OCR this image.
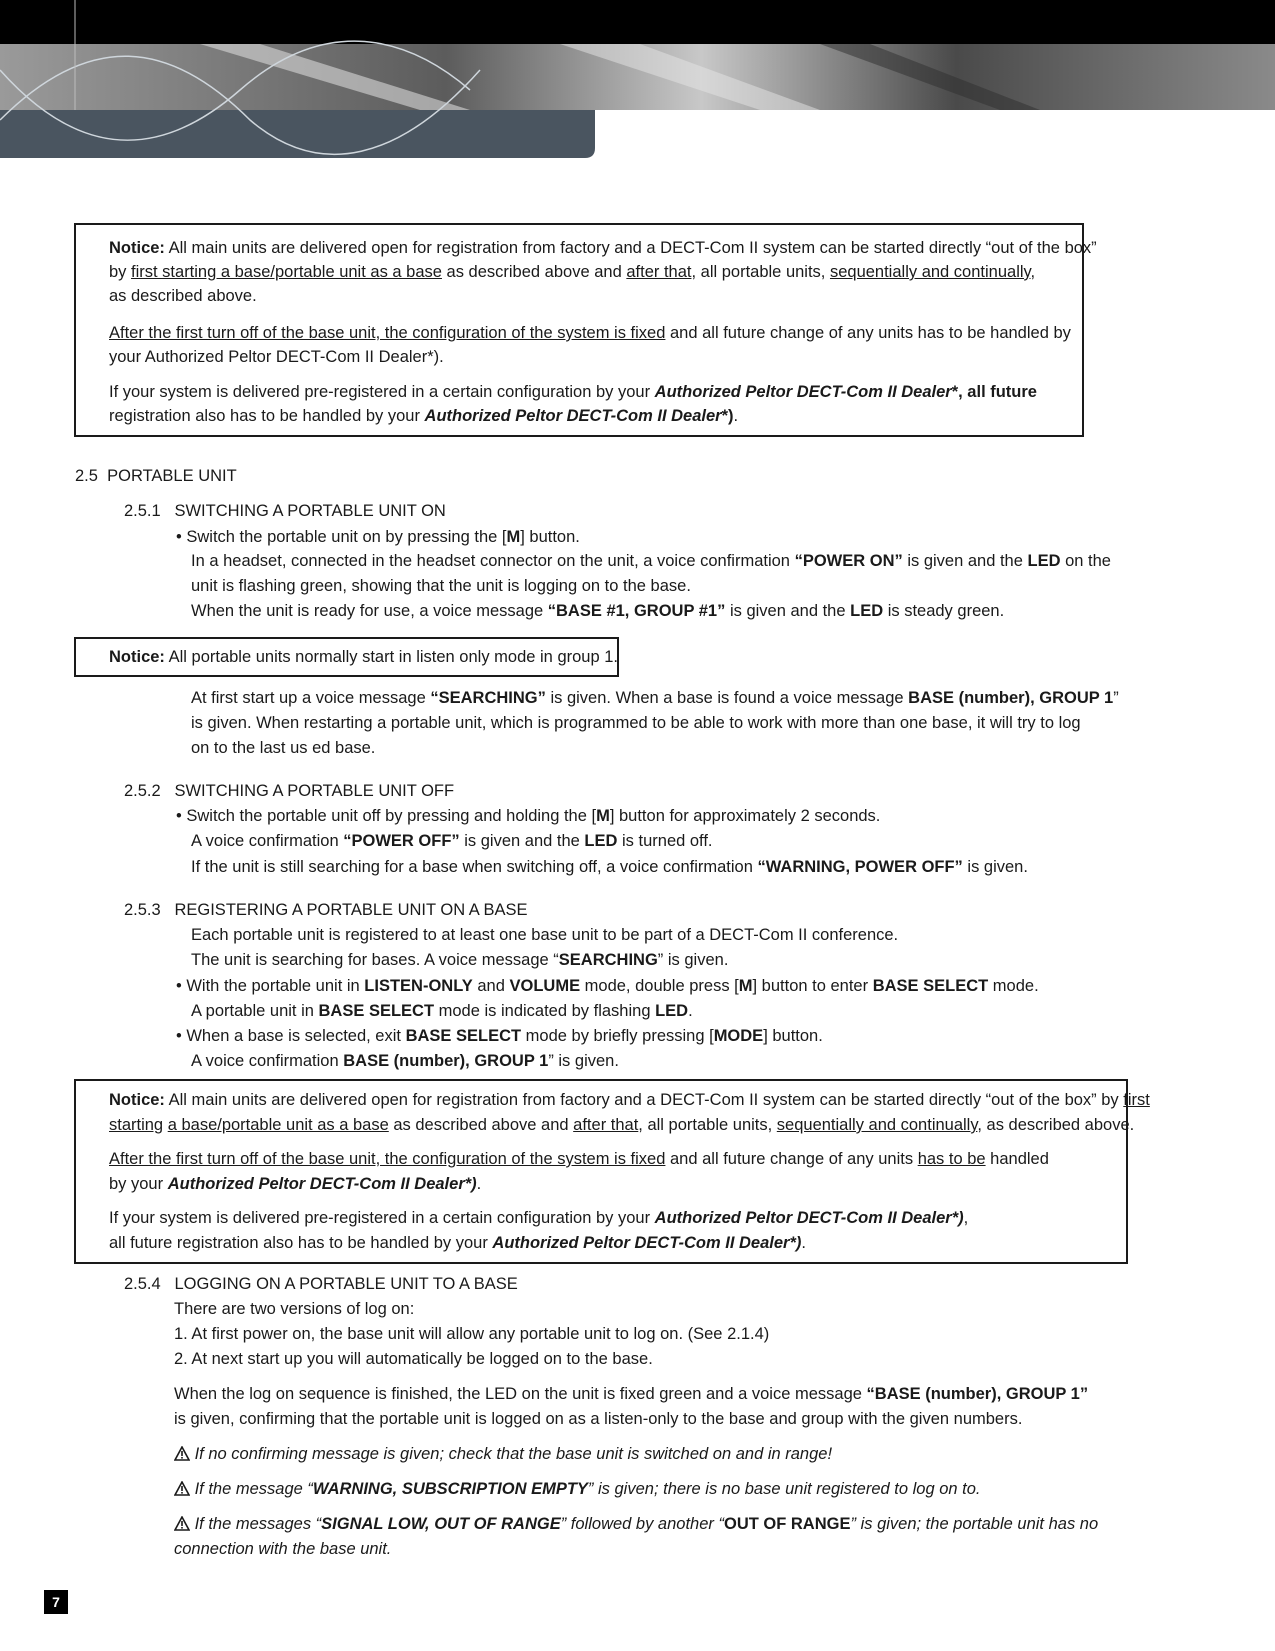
Notice: All main units are delivered open for registration from factory and a DECT-Com II system can be started directly “out of the box”
by first starting a base/portable unit as a base as described above and after that, all portable units, sequentially and continually,
as described above.
After the first turn off of the base unit, the configuration of the system is fixed and all future change of any units has to be handled by
your Authorized Peltor DECT-Com II Dealer*).
If your system is delivered pre-registered in a certain configuration by your Authorized Peltor DECT-Com II Dealer*, all future
registration also has to be handled by your Authorized Peltor DECT-Com II Dealer*).
2.5 PORTABLE UNIT
2.5.1 SWITCHING A PORTABLE UNIT ON
• Switch the portable unit on by pressing the [M] button.
In a headset, connected in the headset connector on the unit, a voice confirmation “POWER ON” is given and the LED on the
unit is flashing green, showing that the unit is logging on to the base.
When the unit is ready for use, a voice message “BASE #1, GROUP #1” is given and the LED is steady green.
Notice: All portable units normally start in listen only mode in group 1.
At first start up a voice message “SEARCHING” is given. When a base is found a voice message BASE (number), GROUP 1”
is given. When restarting a portable unit, which is programmed to be able to work with more than one base, it will try to log
on to the last us ed base.
2.5.2 SWITCHING A PORTABLE UNIT OFF
• Switch the portable unit off by pressing and holding the [M] button for approximately 2 seconds.
A voice confirmation “POWER OFF” is given and the LED is turned off.
If the unit is still searching for a base when switching off, a voice confirmation “WARNING, POWER OFF” is given.
2.5.3 REGISTERING A PORTABLE UNIT ON A BASE
Each portable unit is registered to at least one base unit to be part of a DECT-Com II conference.
The unit is searching for bases. A voice message “SEARCHING” is given.
• With the portable unit in LISTEN-ONLY and VOLUME mode, double press [M] button to enter BASE SELECT mode.
A portable unit in BASE SELECT mode is indicated by flashing LED.
• When a base is selected, exit BASE SELECT mode by briefly pressing [MODE] button.
A voice confirmation BASE (number), GROUP 1” is given.
Notice: All main units are delivered open for registration from factory and a DECT-Com II system can be started directly “out of the box” by first
starting a base/portable unit as a base as described above and after that, all portable units, sequentially and continually, as described above.
After the first turn off of the base unit, the configuration of the system is fixed and all future change of any units has to be handled
by your Authorized Peltor DECT-Com II Dealer*).
If your system is delivered pre-registered in a certain configuration by your Authorized Peltor DECT-Com II Dealer*),
all future registration also has to be handled by your Authorized Peltor DECT-Com II Dealer*).
2.5.4 LOGGING ON A PORTABLE UNIT TO A BASE
There are two versions of log on:
1. At first power on, the base unit will allow any portable unit to log on. (See 2.1.4)
2. At next start up you will automatically be logged on to the base.
When the log on sequence is finished, the LED on the unit is fixed green and a voice message “BASE (number), GROUP 1”
is given, confirming that the portable unit is logged on as a listen-only to the base and group with the given numbers.
If no confirming message is given; check that the base unit is switched on and in range!
If the message “WARNING, SUBSCRIPTION EMPTY” is given; there is no base unit registered to log on to.
If the messages “SIGNAL LOW, OUT OF RANGE” followed by another “OUT OF RANGE” is given; the portable unit has no
connection with the base unit.
7
